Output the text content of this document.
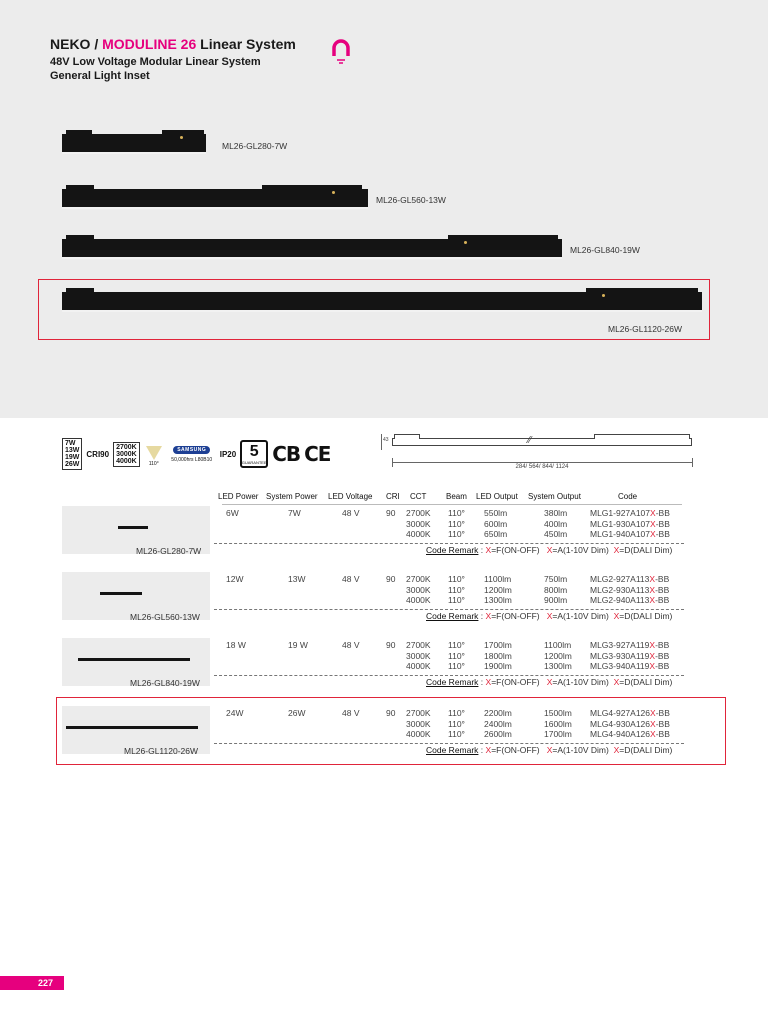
NEKO / MODULINE 26 Linear System
48V Low Voltage Modular Linear System
General Light Inset
ML26-GL280-7W
ML26-GL560-13W
ML26-GL840-19W
ML26-GL1120-26W
7W
13W
19W
26W
CRI90
2700K
3000K
4000K 110°
SAMSUNG
50,000hrs L80B10
IP20 5
GUARANTEE CB CE
43	⁄⁄
284/ 564/ 844/ 1124
LED Power System Power LED Voltage CRI CCT Beam LED Output System Output	Code
ML26-GL280-7W
6W	7W	48 V	90 2700K 110° 550lm	380lm	MLG1-927A107X-BB
3000K 110° 600lm	400lm	MLG1-930A107X-BB
4000K 110° 650lm	450lm	MLG1-940A107X-BB
Code Remark : X=F(ON-OFF) X=A(1-10V Dim) X=D(DALI Dim)
ML26-GL560-13W
12W	13W	48 V	90 2700K 110° 1100lm	750lm	MLG2-927A113X-BB
3000K 110° 1200lm	800lm	MLG2-930A113X-BB
4000K 110° 1300lm	900lm	MLG2-940A113X-BB
Code Remark : X=F(ON-OFF) X=A(1-10V Dim) X=D(DALI Dim)
ML26-GL840-19W
18 W	19 W	48 V	90 2700K 110° 1700lm	1100lm MLG3-927A119X-BB
3000K 110° 1800lm	1200lm MLG3-930A119X-BB
4000K 110° 1900lm	1300lm MLG3-940A119X-BB
Code Remark : X=F(ON-OFF) X=A(1-10V Dim) X=D(DALI Dim)
ML26-GL1120-26W
24W	26W	48 V	90 2700K 110° 2200lm	1500lm MLG4-927A126X-BB
3000K 110° 2400lm	1600lm MLG4-930A126X-BB
4000K 110° 2600lm	1700lm MLG4-940A126X-BB
Code Remark : X=F(ON-OFF) X=A(1-10V Dim) X=D(DALI Dim)
227
